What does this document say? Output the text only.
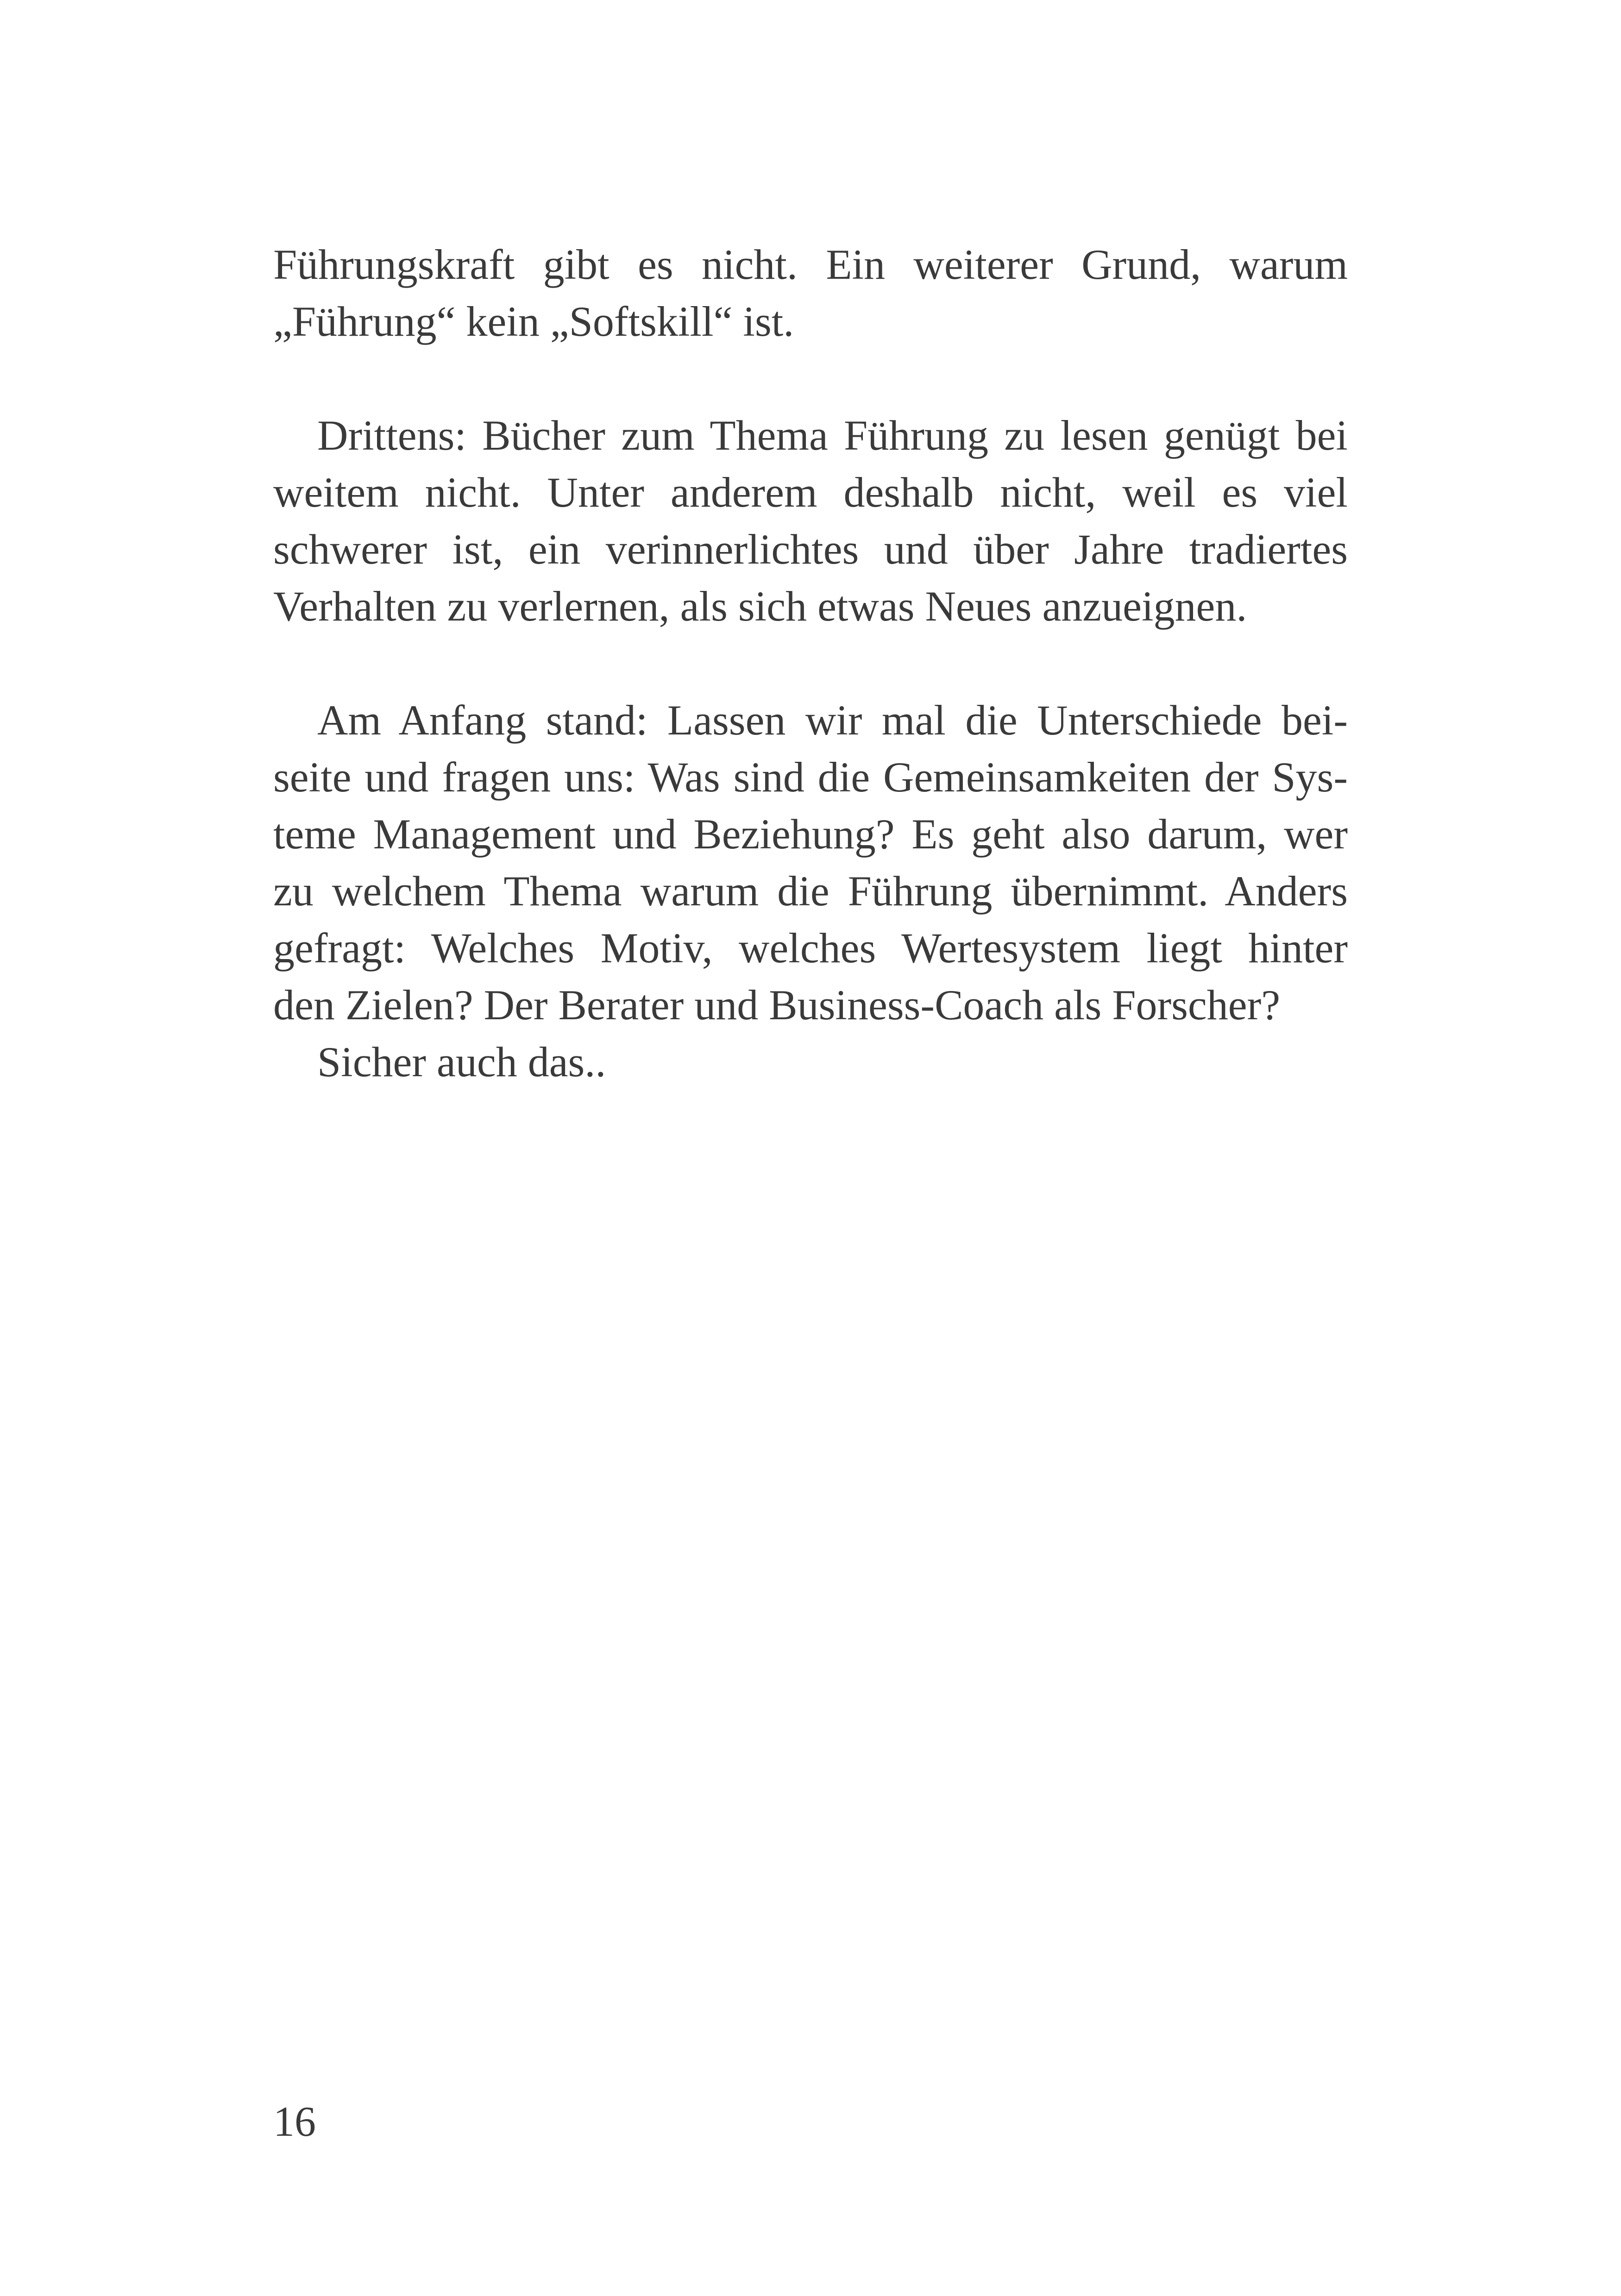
Führungskraft gibt es nicht. Ein weiterer Grund, warum
„Führung“ kein „Softskill“ ist.
Drittens: Bücher zum Thema Führung zu lesen genügt bei
weitem nicht. Unter anderem deshalb nicht, weil es viel
schwerer ist, ein verinnerlichtes und über Jahre tradiertes
Verhalten zu verlernen, als sich etwas Neues anzueignen.
Am Anfang stand: Lassen wir mal die Unterschiede bei-
seite und fragen uns: Was sind die Gemeinsamkeiten der Sys-
teme Management und Beziehung? Es geht also darum, wer
zu welchem Thema warum die Führung übernimmt. Anders
gefragt: Welches Motiv, welches Wertesystem liegt hinter
den Zielen? Der Berater und Business-Coach als Forscher?
Sicher auch das..
16
